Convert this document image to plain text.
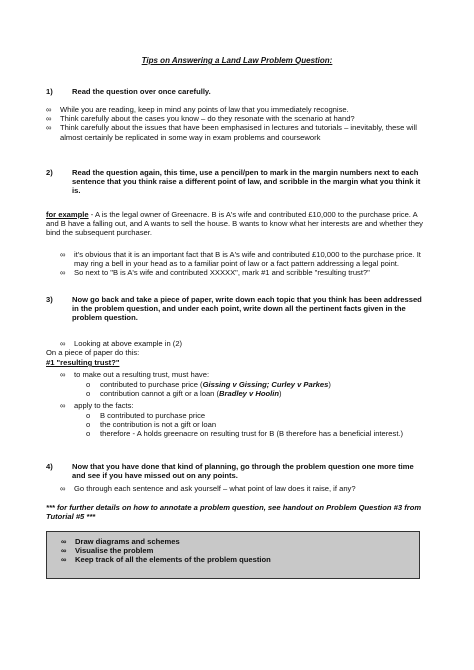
Tips on Answering a Land Law Problem Question:
1)	Read the question over once carefully.
∞	While you are reading, keep in mind any points of law that you immediately recognise.
∞	Think carefully about the cases you know – do they resonate with the scenario at hand?
∞	Think carefully about the issues that have been emphasised in lectures and tutorials – inevitably, these will almost certainly be replicated in some way in exam problems and coursework
2)	Read the question again, this time, use a pencil/pen to mark in the margin numbers next to each sentence that you think raise a different point of law, and scribble in the margin what you think it is.
for example - A is the legal owner of Greenacre. B is A's wife and contributed £10,000 to the purchase price. A and B have a falling out, and A wants to sell the house. B wants to know what her interests are and whether they bind the subsequent purchaser.
∞	it's obvious that it is an important fact that B is A's wife and contributed £10,000 to the purchase price. It may ring a bell in your head as to a familiar point of law or a fact pattern addressing a legal point.
∞	So next to "B is A's wife and contributed XXXXX", mark #1 and scribble "resulting trust?"
3)	Now go back and take a piece of paper, write down each topic that you think has been addressed in the problem question, and under each point, write down all the pertinent facts given in the problem question.
∞	Looking at above example in (2)
On a piece of paper do this:
#1 "resulting trust?"
∞	to make out a resulting trust, must have:
o	contributed to purchase price (Gissing v Gissing; Curley v Parkes)
o	contribution cannot a gift or a loan (Bradley v Hoolin)
∞	apply to the facts:
o	B contributed to purchase price
o	the contribution is not a gift or loan
o	therefore - A holds greenacre on resulting trust for B (B therefore has a beneficial interest.)
4)	Now that you have done that kind of planning, go through the problem question one more time and see if you have missed out on any points.
∞	Go through each sentence and ask yourself – what point of law does it raise, if any?
*** for further details on how to annotate a problem question, see handout on Problem Question #3 from Tutorial #5 ***
∞	Draw diagrams and schemes
∞	Visualise the problem
∞	Keep track of all the elements of the problem question
